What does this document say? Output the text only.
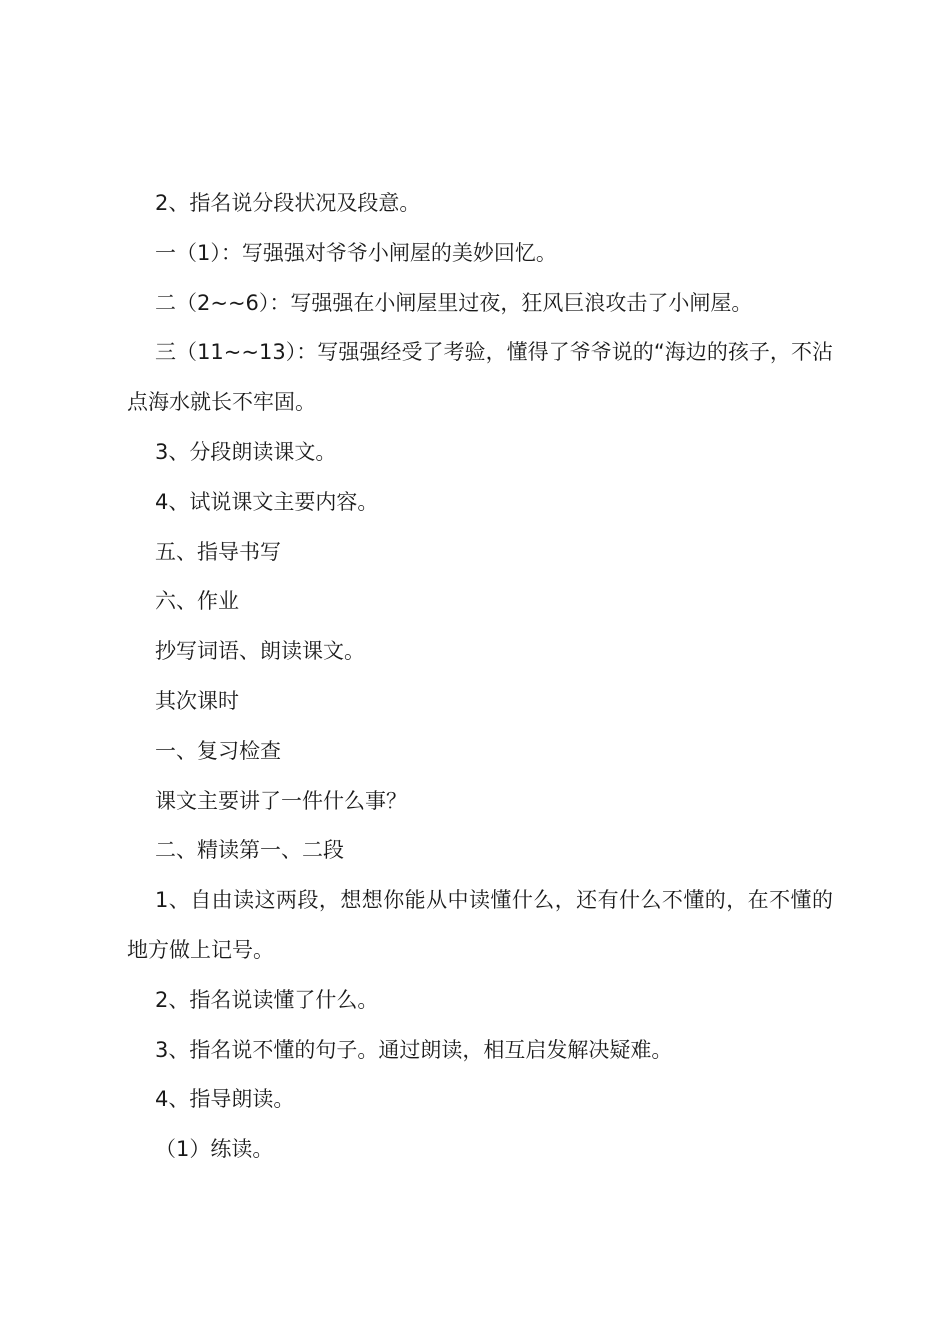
2、指名说分段状况及段意。

一（1）：写强强对爷爷小闸屋的美妙回忆。

二（2~~6）：写强强在小闸屋里过夜，狂风巨浪攻击了小闸屋。

三（11~~13）：写强强经受了考验，懂得了爷爷说的“海边的孩子，不沾点海水就长不牢固。

3、分段朗读课文。

4、试说课文主要内容。

五、指导书写

六、作业

抄写词语、朗读课文。

其次课时

一、复习检查

课文主要讲了一件什么事？

二、精读第一、二段

1、自由读这两段，想想你能从中读懂什么，还有什么不懂的，在不懂的地方做上记号。

2、指名说读懂了什么。

3、指名说不懂的句子。通过朗读，相互启发解决疑难。

4、指导朗读。

（1）练读。
